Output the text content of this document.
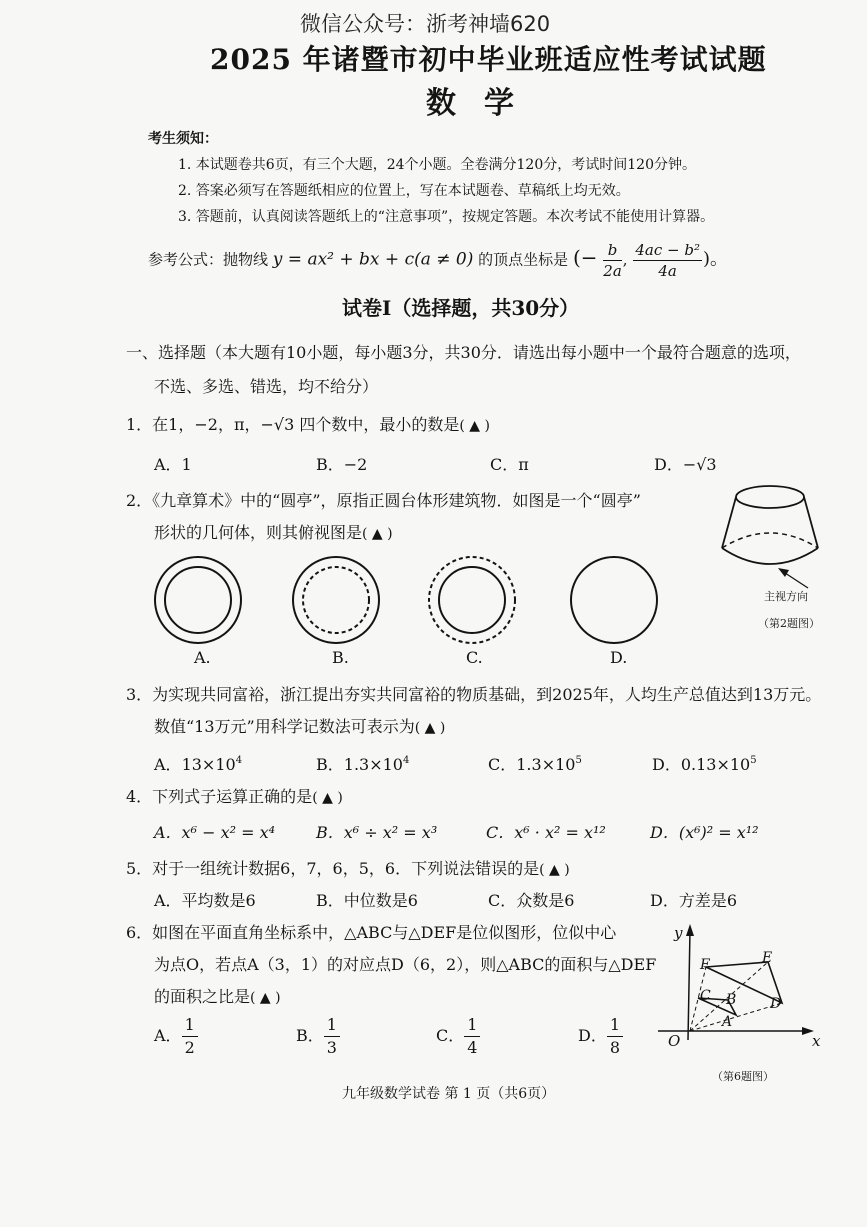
微信公众号：浙考神墙620
2025 年诸暨市初中毕业班适应性考试试题
数学
考生须知：
1. 本试题卷共6页，有三个大题，24个小题。全卷满分120分，考试时间120分钟。
2. 答案必须写在答题纸相应的位置上，写在本试题卷、草稿纸上均无效。
3. 答题前，认真阅读答题纸上的“注意事项”，按规定答题。本次考试不能使用计算器。
参考公式：抛物线 y = ax² + bx + c(a ≠ 0) 的顶点坐标是 (− $\frac{b}{2a}$ , $\frac{\text{4ac − b²}}{4a}$ )。
试卷Ⅰ（选择题，共30分）
一、选择题（本大题有10小题，每小题3分，共30分．请选出每小题中一个最符合题意的选项，
不选、多选、错选，均不给分）
1．在1，−2，π，−√3 四个数中，最小的数是( ▲ )
A．1	B．−2	C．π	D．−√3
2．《九章算术》中的“圆亭”，原指正圆台体形建筑物．如图是一个“圆亭”
形状的几何体，则其俯视图是( ▲ )
A.	B.	C.	D.
主视方向
（第2题图）
3．为实现共同富裕，浙江提出夯实共同富裕的物质基础，到2025年，人均生产总值达到13万元。
数值“13万元”用科学记数法可表示为( ▲ )
A．$13\times 10^4$	B．$1.3\times 10^4$	C．$1.3\times 10^5$	D．$0.13\times 10^5$
4．下列式子运算正确的是( ▲ )
A．x⁶ − x² = x⁴	B．x⁶ ÷ x² = x³	C．x⁶ · x² = x¹²	D．(x⁶)² = x¹²
5．对于一组统计数据6，7，6，5，6．下列说法错误的是( ▲ )
A．平均数是6	B．中位数是6	C．众数是6	D．方差是6
6．如图在平面直角坐标系中，△ABC与△DEF是位似图形，位似中心
为点O，若点A（3，1）的对应点D（6，2），则△ABC的面积与△DEF
的面积之比是( ▲ )
A． $\frac{1}{2}$	B． $\frac{1}{3}$	C． $\frac{1}{4}$	D． $\frac{1}{8}$
y
x
O
A
B
C	D
E
F
（第6题图）
九年级数学试卷 第 1 页（共6页）
